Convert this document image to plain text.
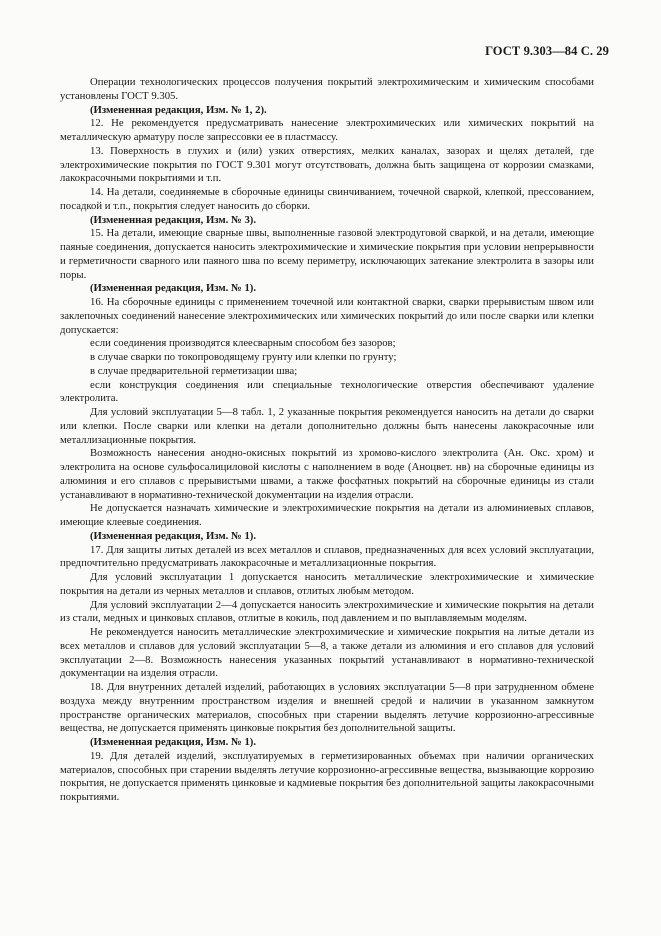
ГОСТ 9.303—84 С. 29

Операции технологических процессов получения покрытий электрохимическим и химическим способами установлены ГОСТ 9.305.

(Измененная редакция, Изм. № 1, 2).

12. Не рекомендуется предусматривать нанесение электрохимических или химических покрытий на металлическую арматуру после запрессовки ее в пластмассу.

13. Поверхность в глухих и (или) узких отверстиях, мелких каналах, зазорах и щелях деталей, где электрохимические покрытия по ГОСТ 9.301 могут отсутствовать, должна быть защищена от коррозии смазками, лакокрасочными покрытиями и т.п.

14. На детали, соединяемые в сборочные единицы свинчиванием, точечной сваркой, клепкой, прессованием, посадкой и т.п., покрытия следует наносить до сборки.

(Измененная редакция, Изм. № 3).

15. На детали, имеющие сварные швы, выполненные газовой электродуговой сваркой, и на детали, имеющие паяные соединения, допускается наносить электрохимические и химические покрытия при условии непрерывности и герметичности сварного или паяного шва по всему периметру, исключающих затекание электролита в зазоры или поры.

(Измененная редакция, Изм. № 1).

16. На сборочные единицы с применением точечной или контактной сварки, сварки прерывистым швом или заклепочных соединений нанесение электрохимических или химических покрытий до или после сварки или клепки допускается:

если соединения производятся клеесварным способом без зазоров;

в случае сварки по токопроводящему грунту или клепки по грунту;

в случае предварительной герметизации шва;

если конструкция соединения или специальные технологические отверстия обеспечивают удаление электролита.

Для условий эксплуатации 5—8 табл. 1, 2 указанные покрытия рекомендуется наносить на детали до сварки или клепки. После сварки или клепки на детали дополнительно должны быть нанесены лакокрасочные или металлизационные покрытия.

Возможность нанесения анодно-окисных покрытий из хромово-кислого электролита (Ан. Окс. хром) и электролита на основе сульфосалициловой кислоты с наполнением в воде (Аноцвет. нв) на сборочные единицы из алюминия и его сплавов с прерывистыми швами, а также фосфатных покрытий на сборочные единицы из стали устанавливают в нормативно-технической документации на изделия отрасли.

Не допускается назначать химические и электрохимические покрытия на детали из алюминиевых сплавов, имеющие клеевые соединения.

(Измененная редакция, Изм. № 1).

17. Для защиты литых деталей из всех металлов и сплавов, предназначенных для всех условий эксплуатации, предпочтительно предусматривать лакокрасочные и металлизационные покрытия.

Для условий эксплуатации 1 допускается наносить металлические электрохимические и химические покрытия на детали из черных металлов и сплавов, отлитых любым методом.

Для условий эксплуатации 2—4 допускается наносить электрохимические и химические покрытия на детали из стали, медных и цинковых сплавов, отлитые в кокиль, под давлением и по выплавляемым моделям.

Не рекомендуется наносить металлические электрохимические и химические покрытия на литые детали из всех металлов и сплавов для условий эксплуатации 5—8, а также детали из алюминия и его сплавов для условий эксплуатации 2—8. Возможность нанесения указанных покрытий устанавливают в нормативно-технической документации на изделия отрасли.

18. Для внутренних деталей изделий, работающих в условиях эксплуатации 5—8 при затрудненном обмене воздуха между внутренним пространством изделия и внешней средой и наличии в указанном замкнутом пространстве органических материалов, способных при старении выделять летучие коррозионно-агрессивные вещества, не допускается применять цинковые покрытия без дополнительной защиты.

(Измененная редакция, Изм. № 1).

19. Для деталей изделий, эксплуатируемых в герметизированных объемах при наличии органических материалов, способных при старении выделять летучие коррозионно-агрессивные вещества, вызывающие коррозию покрытия, не допускается применять цинковые и кадмиевые покрытия без дополнительной защиты лакокрасочными покрытиями.
